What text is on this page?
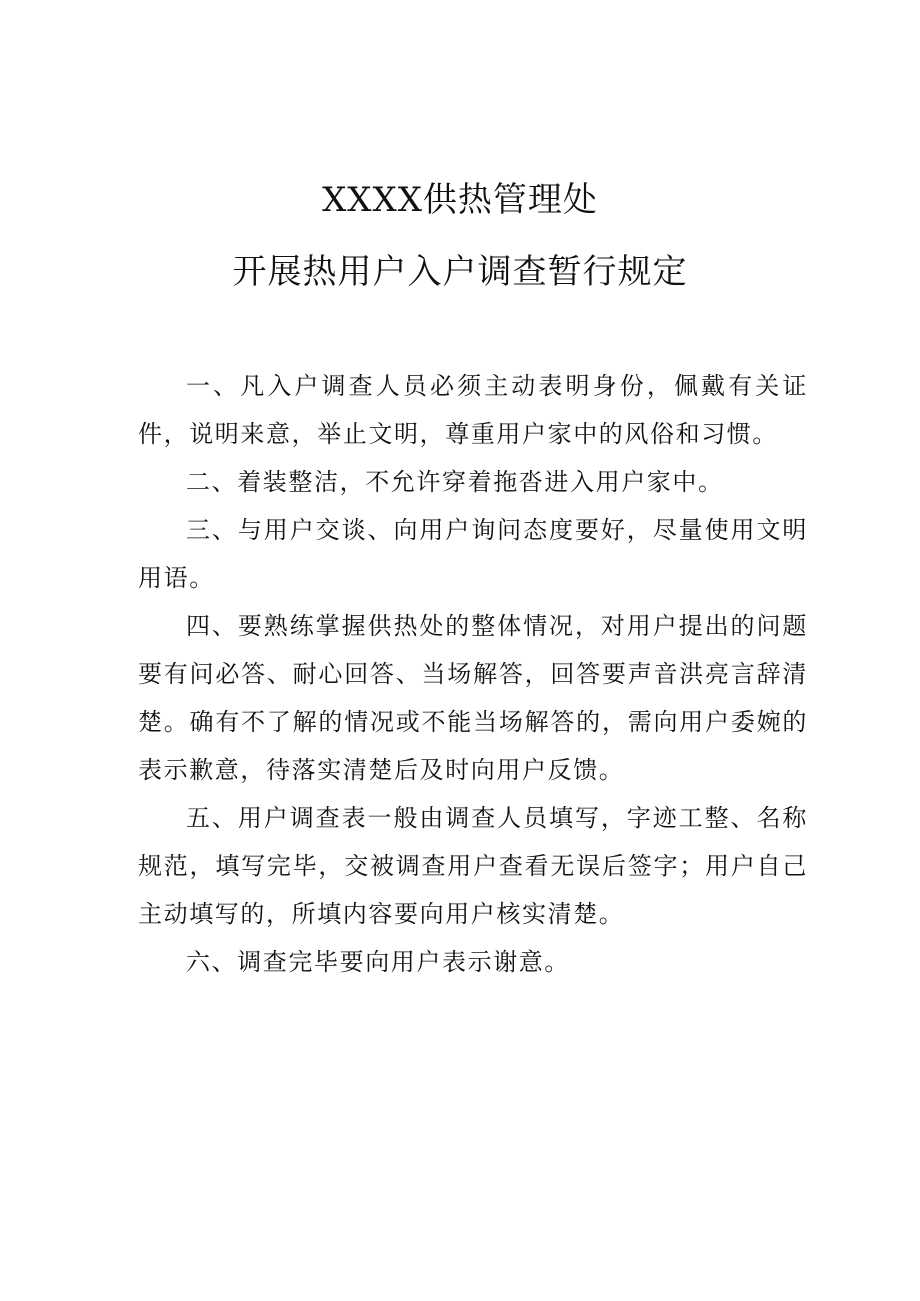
XXXX供热管理处
开展热用户入户调查暂行规定

一、凡入户调查人员必须主动表明身份，佩戴有关证件，说明来意，举止文明，尊重用户家中的风俗和习惯。

二、着装整洁，不允许穿着拖沓进入用户家中。

三、与用户交谈、向用户询问态度要好，尽量使用文明用语。

四、要熟练掌握供热处的整体情况，对用户提出的问题要有问必答、耐心回答、当场解答，回答要声音洪亮言辞清楚。确有不了解的情况或不能当场解答的，需向用户委婉的表示歉意，待落实清楚后及时向用户反馈。

五、用户调查表一般由调查人员填写，字迹工整、名称规范，填写完毕，交被调查用户查看无误后签字；用户自己主动填写的，所填内容要向用户核实清楚。

六、调查完毕要向用户表示谢意。
